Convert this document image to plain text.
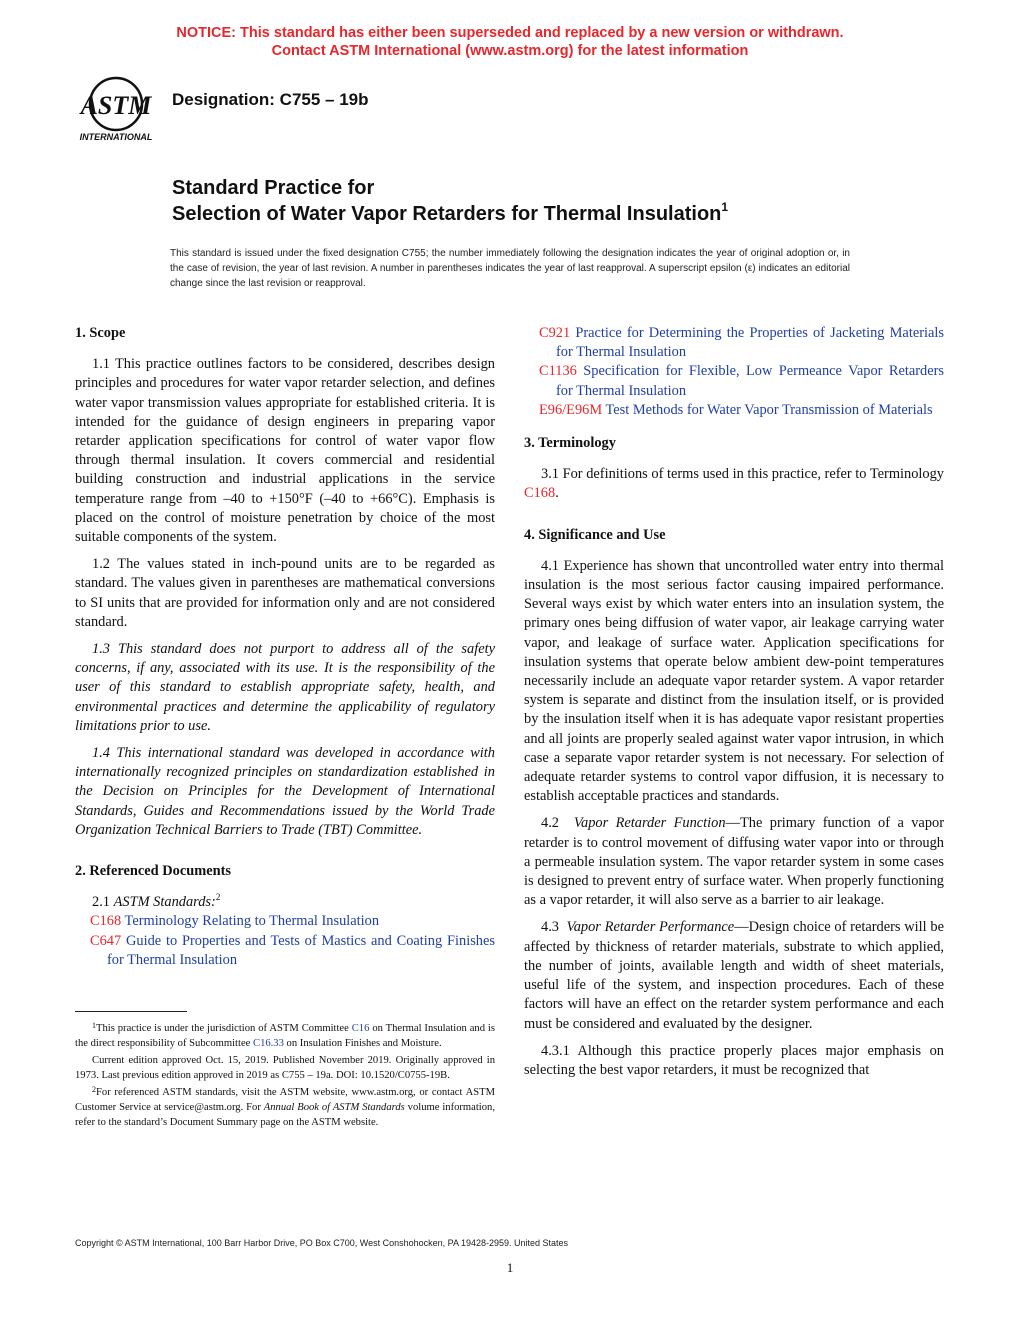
NOTICE: This standard has either been superseded and replaced by a new version or withdrawn.
Contact ASTM International (www.astm.org) for the latest information
ASTM
INTERNATIONAL
Designation: C755 – 19b
Standard Practice for
Selection of Water Vapor Retarders for Thermal Insulation$^1$
This standard is issued under the fixed designation C755; the number immediately following the designation indicates the year of original adoption or, in the case of revision, the year of last revision. A number in parentheses indicates the year of last reapproval. A superscript epsilon (ε) indicates an editorial change since the last revision or reapproval.
1. Scope
1.1 This practice outlines factors to be considered, describes design principles and procedures for water vapor retarder selection, and defines water vapor transmission values appropriate for established criteria. It is intended for the guidance of design engineers in preparing vapor retarder application specifications for control of water vapor flow through thermal insulation. It covers commercial and residential building construction and industrial applications in the service temperature range from –40 to +150°F (–40 to +66°C). Emphasis is placed on the control of moisture penetration by choice of the most suitable components of the system.
1.2 The values stated in inch-pound units are to be regarded as standard. The values given in parentheses are mathematical conversions to SI units that are provided for information only and are not considered standard.
1.3 This standard does not purport to address all of the safety concerns, if any, associated with its use. It is the responsibility of the user of this standard to establish appropriate safety, health, and environmental practices and determine the applicability of regulatory limitations prior to use.
1.4 This international standard was developed in accordance with internationally recognized principles on standardization established in the Decision on Principles for the Development of International Standards, Guides and Recommendations issued by the World Trade Organization Technical Barriers to Trade (TBT) Committee.
2. Referenced Documents
2.1 ASTM Standards:$^2$
C168 Terminology Relating to Thermal Insulation
C647 Guide to Properties and Tests of Mastics and Coating Finishes for Thermal Insulation
$^1$This practice is under the jurisdiction of ASTM Committee C16 on Thermal Insulation and is the direct responsibility of Subcommittee C16.33 on Insulation Finishes and Moisture.
Current edition approved Oct. 15, 2019. Published November 2019. Originally approved in 1973. Last previous edition approved in 2019 as C755 – 19a. DOI: 10.1520/C0755-19B.
$^2$For referenced ASTM standards, visit the ASTM website, www.astm.org, or contact ASTM Customer Service at service@astm.org. For Annual Book of ASTM Standards volume information, refer to the standard’s Document Summary page on the ASTM website.
C921 Practice for Determining the Properties of Jacketing Materials for Thermal Insulation
C1136 Specification for Flexible, Low Permeance Vapor Retarders for Thermal Insulation
E96/E96M Test Methods for Water Vapor Transmission of Materials
3. Terminology
3.1 For definitions of terms used in this practice, refer to Terminology C168.
4. Significance and Use
4.1 Experience has shown that uncontrolled water entry into thermal insulation is the most serious factor causing impaired performance. Several ways exist by which water enters into an insulation system, the primary ones being diffusion of water vapor, air leakage carrying water vapor, and leakage of surface water. Application specifications for insulation systems that operate below ambient dew-point temperatures necessarily include an adequate vapor retarder system. A vapor retarder system is separate and distinct from the insulation itself, or is provided by the insulation itself when it is has adequate vapor resistant properties and all joints are properly sealed against water vapor intrusion, in which case a separate vapor retarder system is not necessary. For selection of adequate retarder systems to control vapor diffusion, it is necessary to establish acceptable practices and standards.
4.2 Vapor Retarder Function—The primary function of a vapor retarder is to control movement of diffusing water vapor into or through a permeable insulation system. The vapor retarder system in some cases is designed to prevent entry of surface water. When properly functioning as a vapor retarder, it will also serve as a barrier to air leakage.
4.3 Vapor Retarder Performance—Design choice of retarders will be affected by thickness of retarder materials, substrate to which applied, the number of joints, available length and width of sheet materials, useful life of the system, and inspection procedures. Each of these factors will have an effect on the retarder system performance and each must be considered and evaluated by the designer.
4.3.1 Although this practice properly places major emphasis on selecting the best vapor retarders, it must be recognized that
Copyright © ASTM International, 100 Barr Harbor Drive, PO Box C700, West Conshohocken, PA 19428-2959. United States
1
